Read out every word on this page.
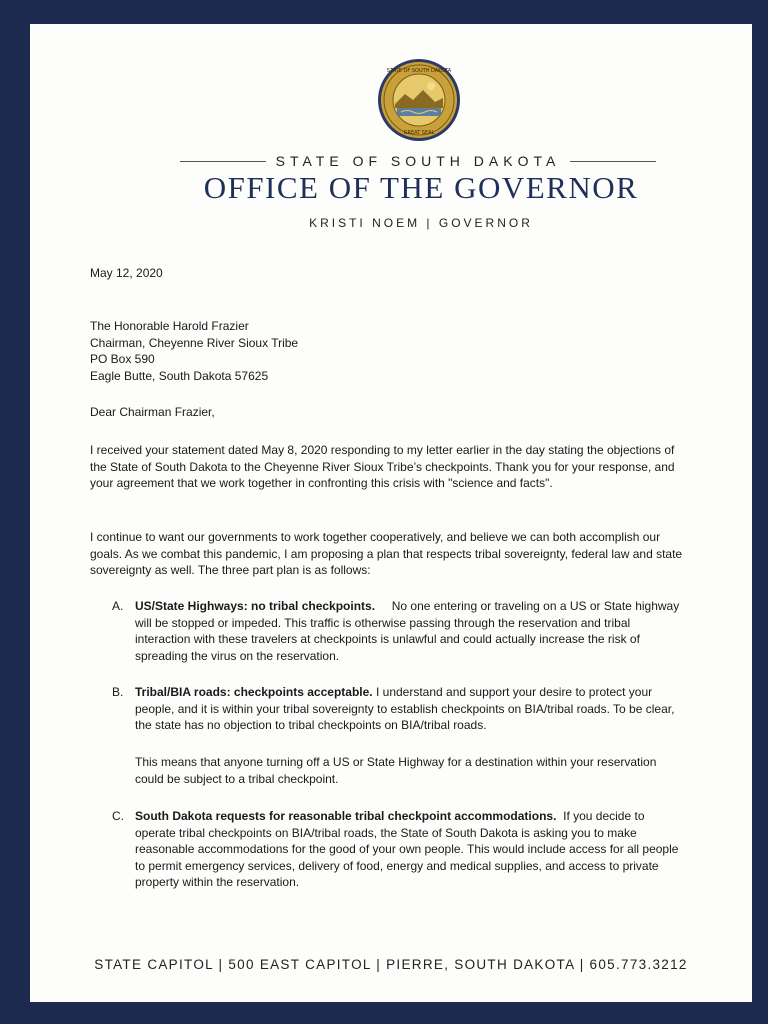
STATE OF SOUTH DAKOTA
GREAT SEAL
STATE OF SOUTH DAKOTA
OFFICE OF THE GOVERNOR
KRISTI NOEM | GOVERNOR
May 12, 2020
The Honorable Harold Frazier
Chairman, Cheyenne River Sioux Tribe
PO Box 590
Eagle Butte, South Dakota 57625
Dear Chairman Frazier,
I received your statement dated May 8, 2020 responding to my letter earlier in the day stating the objections of the State of South Dakota to the Cheyenne River Sioux Tribe’s checkpoints. Thank you for your response, and your agreement that we work together in confronting this crisis with "science and facts".
I continue to want our governments to work together cooperatively, and believe we can both accomplish our goals. As we combat this pandemic, I am proposing a plan that respects tribal sovereignty, federal law and state sovereignty as well. The three part plan is as follows:
A. US/State Highways: no tribal checkpoints. No one entering or traveling on a US or State highway will be stopped or impeded. This traffic is otherwise passing through the reservation and tribal interaction with these travelers at checkpoints is unlawful and could actually increase the risk of spreading the virus on the reservation.
B. Tribal/BIA roads: checkpoints acceptable. I understand and support your desire to protect your people, and it is within your tribal sovereignty to establish checkpoints on BIA/tribal roads. To be clear, the state has no objection to tribal checkpoints on BIA/tribal roads.
This means that anyone turning off a US or State Highway for a destination within your reservation could be subject to a tribal checkpoint.
C. South Dakota requests for reasonable tribal checkpoint accommodations. If you decide to operate tribal checkpoints on BIA/tribal roads, the State of South Dakota is asking you to make reasonable accommodations for the good of your own people. This would include access for all people to permit emergency services, delivery of food, energy and medical supplies, and access to private property within the reservation.
STATE CAPITOL | 500 EAST CAPITOL | PIERRE, SOUTH DAKOTA | 605.773.3212
